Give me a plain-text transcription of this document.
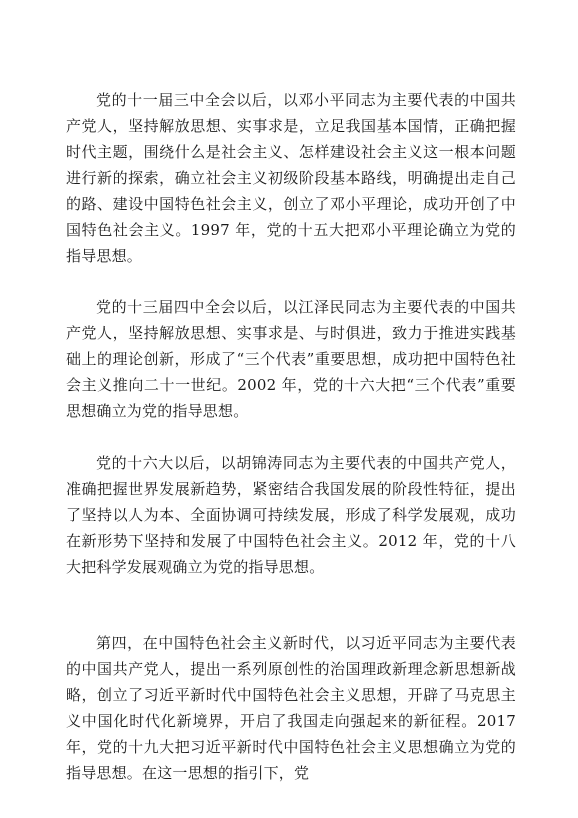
党的十一届三中全会以后，以邓小平同志为主要代表的中国共产党人，坚持解放思想、实事求是，立足我国基本国情，正确把握时代主题，围绕什么是社会主义、怎样建设社会主义这一根本问题进行新的探索，确立社会主义初级阶段基本路线，明确提出走自己的路、建设中国特色社会主义，创立了邓小平理论，成功开创了中国特色社会主义。1997 年，党的十五大把邓小平理论确立为党的指导思想。

党的十三届四中全会以后，以江泽民同志为主要代表的中国共产党人，坚持解放思想、实事求是、与时俱进，致力于推进实践基础上的理论创新，形成了“三个代表”重要思想，成功把中国特色社会主义推向二十一世纪。2002 年，党的十六大把“三个代表”重要思想确立为党的指导思想。

党的十六大以后，以胡锦涛同志为主要代表的中国共产党人，准确把握世界发展新趋势，紧密结合我国发展的阶段性特征，提出了坚持以人为本、全面协调可持续发展，形成了科学发展观，成功在新形势下坚持和发展了中国特色社会主义。2012 年，党的十八大把科学发展观确立为党的指导思想。

第四，在中国特色社会主义新时代，以习近平同志为主要代表的中国共产党人，提出一系列原创性的治国理政新理念新思想新战略，创立了习近平新时代中国特色社会主义思想，开辟了马克思主义中国化时代化新境界，开启了我国走向强起来的新征程。2017 年，党的十九大把习近平新时代中国特色社会主义思想确立为党的指导思想。在这一思想的指引下，党
